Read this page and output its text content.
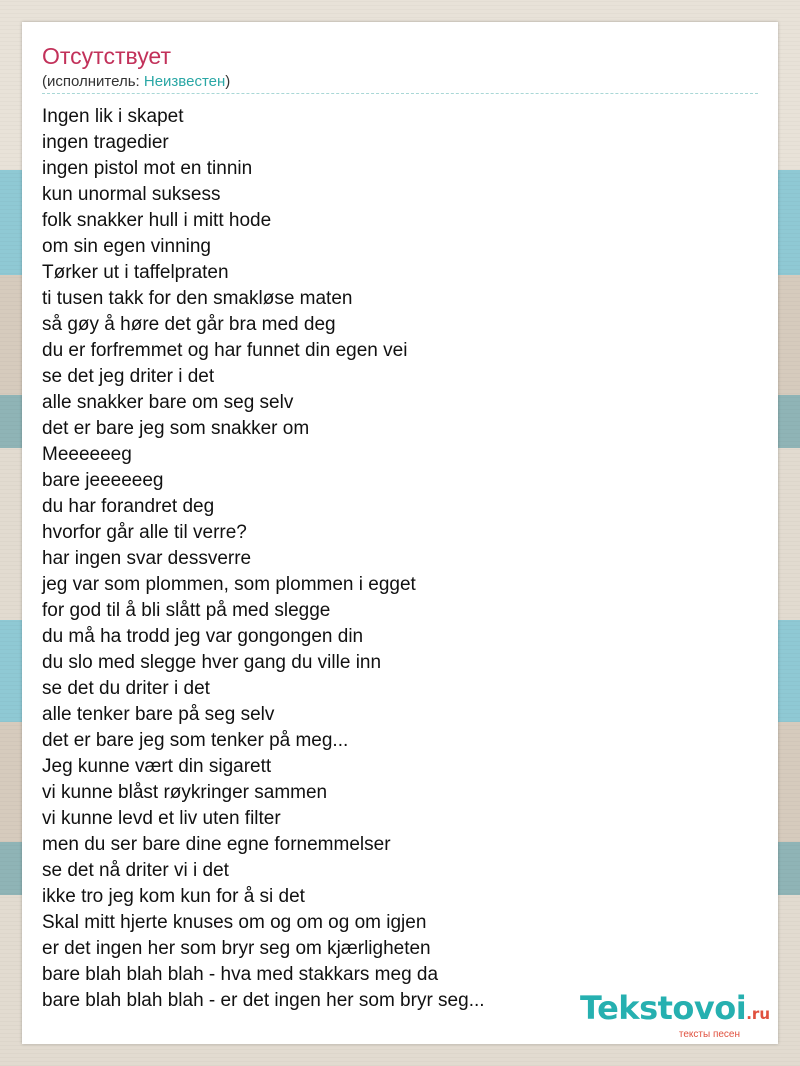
Отсутствует
(исполнитель: Неизвестен)
Ingen lik i skapet
ingen tragedier
ingen pistol mot en tinnin
kun unormal suksess
folk snakker hull i mitt hode
om sin egen vinning
Tørker ut i taffelpraten
ti tusen takk for den smakløse maten
så gøy å høre det går bra med deg
du er forfremmet og har funnet din egen vei
se det jeg driter i det
alle snakker bare om seg selv
det er bare jeg som snakker om
Meeeeeeg
bare jeeeeeeg
du har forandret deg
hvorfor går alle til verre?
har ingen svar dessverre
jeg var som plommen, som plommen i egget
for god til å bli slått på med slegge
du må ha trodd jeg var gongongen din
du slo med slegge hver gang du ville inn
se det du driter i det
alle tenker bare på seg selv
det er bare jeg som tenker på meg...
Jeg kunne vært din sigarett
vi kunne blåst røykringer sammen
vi kunne levd et liv uten filter
men du ser bare dine egne fornemmelser
se det nå driter vi i det
ikke tro jeg kom kun for å si det
Skal mitt hjerte knuses om og om og om igjen
er det ingen her som bryr seg om kjærligheten
bare blah blah blah - hva med stakkars meg da
bare blah blah blah - er det ingen her som bryr seg...	Tekstovoi.ru
тексты песен
